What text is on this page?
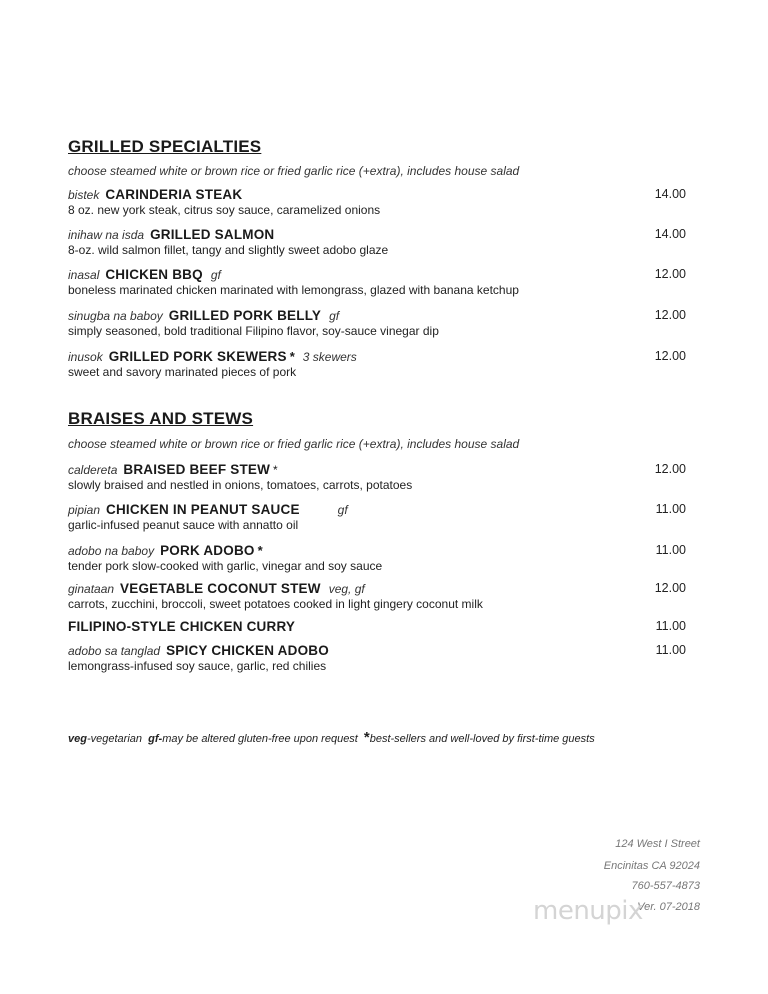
GRILLED SPECIALTIES
choose steamed white or brown rice or fried garlic rice (+extra), includes house salad
bistek CARINDERIA STEAK
8 oz. new york steak, citrus soy sauce, caramelized onions
14.00
inihaw na isda GRILLED SALMON
8-oz. wild salmon fillet, tangy and slightly sweet adobo glaze
14.00
inasal CHICKEN BBQ gf
boneless marinated chicken marinated with lemongrass, glazed with banana ketchup
12.00
sinugba na baboy GRILLED PORK BELLY gf
simply seasoned, bold traditional Filipino flavor, soy-sauce vinegar dip
12.00
inusok GRILLED PORK SKEWERS * 3 skewers
sweet and savory marinated pieces of pork
12.00
BRAISES AND STEWS
choose steamed white or brown rice or fried garlic rice (+extra), includes house salad
caldereta BRAISED BEEF STEW *
slowly braised and nestled in onions, tomatoes, carrots, potatoes
12.00
pipian CHICKEN IN PEANUT SAUCE	gf
garlic-infused peanut sauce with annatto oil
11.00
adobo na baboy PORK ADOBO *
tender pork slow-cooked with garlic, vinegar and soy sauce
11.00
ginataan VEGETABLE COCONUT STEW veg, gf
carrots, zucchini, broccoli, sweet potatoes cooked in light gingery coconut milk
12.00
FILIPINO-STYLE CHICKEN CURRY	11.00
adobo sa tanglad SPICY CHICKEN ADOBO
lemongrass-infused soy sauce, garlic, red chilies
11.00
veg-vegetarian gf-may be altered gluten-free upon request *best-sellers and well-loved by first-time guests
124 West I Street
Encinitas CA 92024
760-557-4873
Ver. 07-2018
menupix
